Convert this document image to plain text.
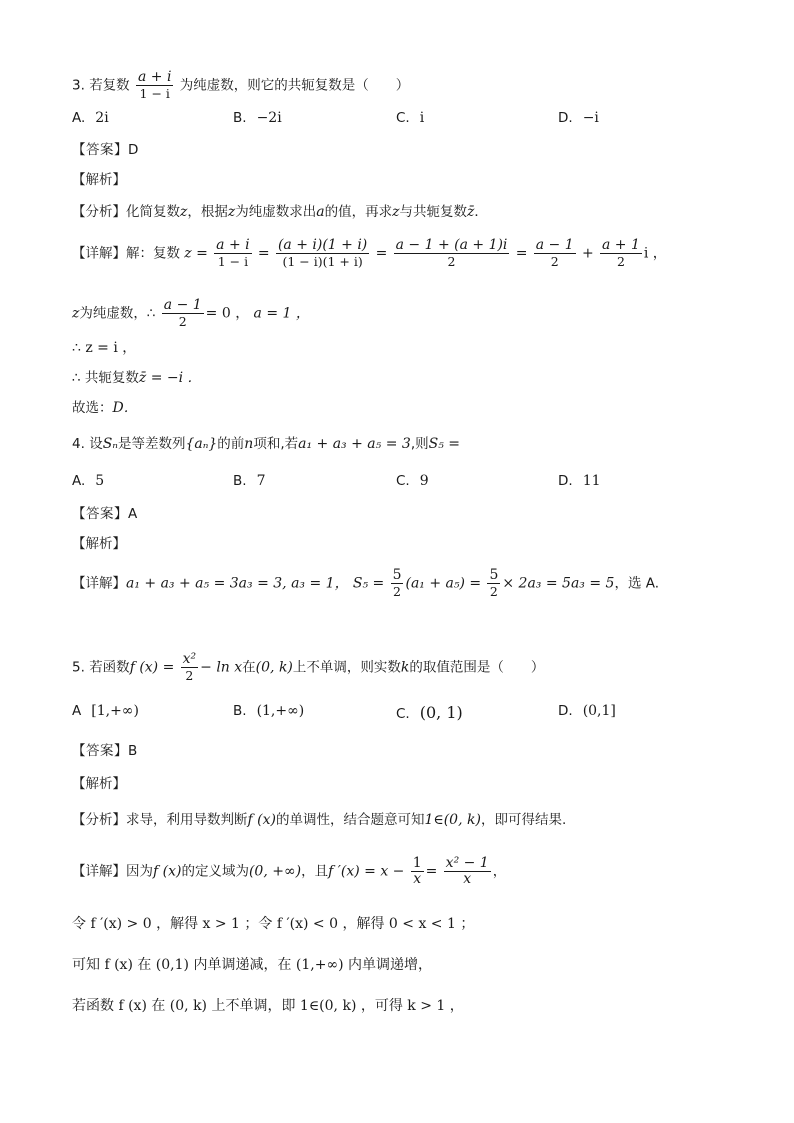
3. 若复数 $\frac{a + i}{1 - i}$ 为纯虚数，则它的共轭复数是（　　）
A. 2i	B. −2i	C. i	D. −i
【答案】D
【解析】
【分析】化简复数z，根据z为纯虚数求出a的值，再求z与共轭复数z̄．
【详解】解：复数 $z = \frac{a + i}{1 - i} = \frac{(a + i)(1 + i)}{(1 - i)(1 + i)} = \frac{a - 1 + (a + 1)i}{2} = \frac{a - 1}{2} + \frac{a + 1}{2}$ i ，
z为纯虚数，∴ $\frac{a - 1}{2} = 0$ ， a = 1 ，
∴ z = i ，
∴ 共轭复数z̄ = −i ．
故选：D．
4. 设Sₙ是等差数列{aₙ}的前n项和,若a₁ + a₃ + a₅ = 3,则S₅ =
A. 5	B. 7	C. 9	D. 11
【答案】A
【解析】
【详解】a₁ + a₃ + a₅ = 3a₃ = 3, a₃ = 1， $S_5 = \frac{5}{2} (a_1 + a_5) = \frac{5}{2} \times 2a_3 = 5a_3 = 5$，选 A.
5. 若函数f $(x) = \frac{\text{x²}}{2} - \ln x$在(0, k)上不单调，则实数k的取值范围是（　　）
A [1,+∞)	B. (1,+∞)	C. (0, 1)	D. (0,1]
【答案】B
【解析】
【分析】求导，利用导数判断f (x)的单调性，结合题意可知1∈(0, k)，即可得结果.
【详解】因为f (x)的定义域为(0, +∞)，且f $'(x) = x - \frac{1}{x} = \frac{\text{x² − 1}}{x}$ ，
令 f ′(x) > 0 ，解得 x > 1 ；令 f ′(x) < 0 ，解得 0 < x < 1 ；
可知 f (x) 在 (0,1) 内单调递减，在 (1,+∞) 内单调递增，
若函数 f (x) 在 (0, k) 上不单调，即 1∈(0, k) ，可得 k > 1 ，
